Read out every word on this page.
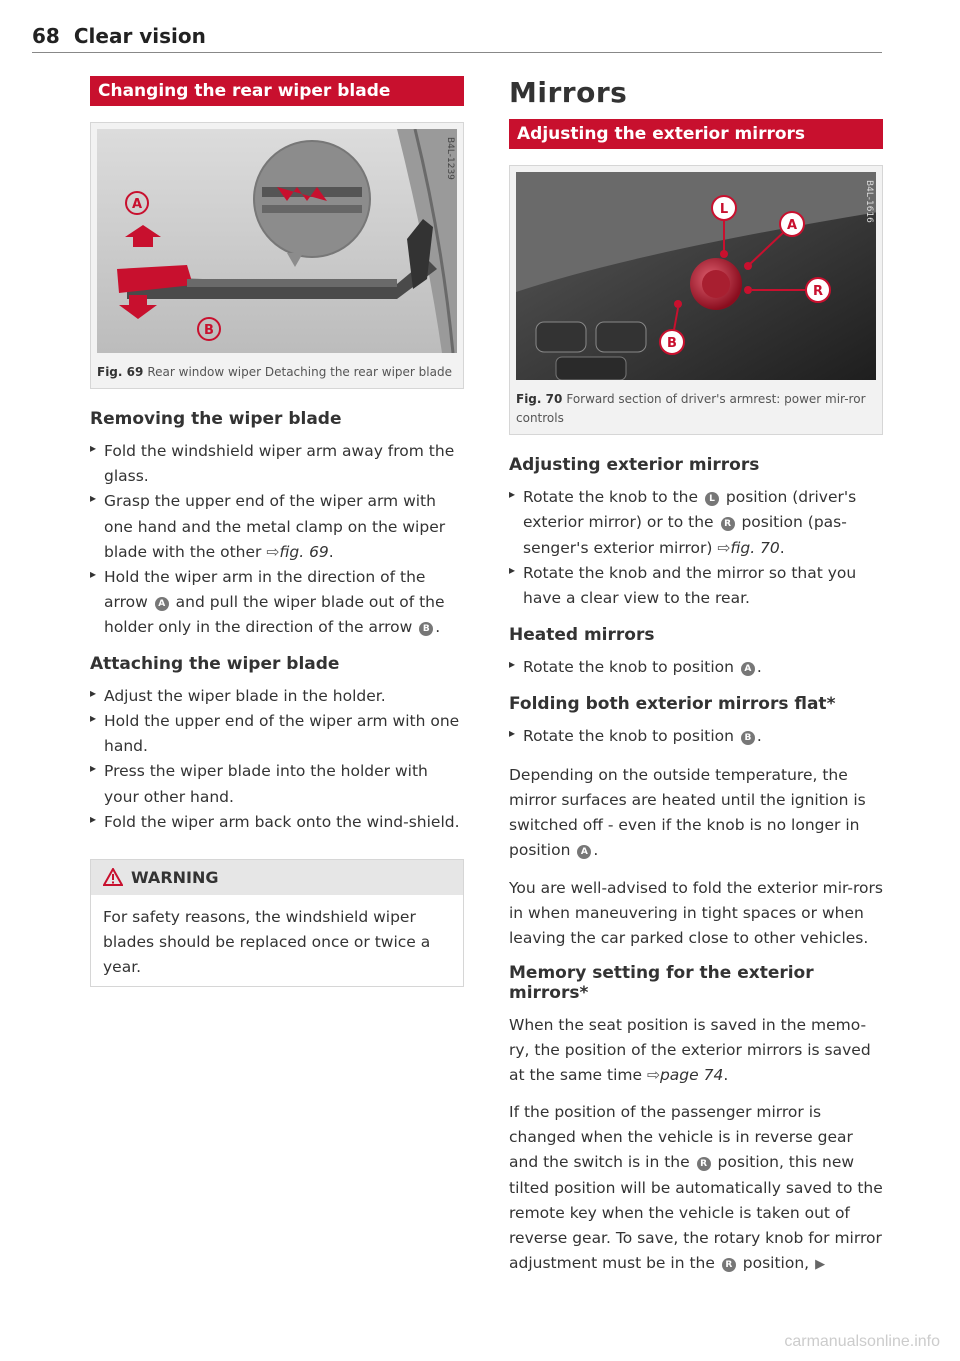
68 Clear vision
Changing the rear wiper blade
A
B
B4L-1239
Fig. 69 Rear window wiper Detaching the rear wiper blade
Removing the wiper blade
▸ Fold the windshield wiper arm away from the glass.
▸ Grasp the upper end of the wiper arm with one hand and the metal clamp on the wiper blade with the other ⇨fig. 69.
▸ Hold the wiper arm in the direction of the arrow A and pull the wiper blade out of the holder only in the direction of the arrow B .
Attaching the wiper blade
▸ Adjust the wiper blade in the holder.
▸ Hold the upper end of the wiper arm with one hand.
▸ Press the wiper blade into the holder with your other hand.
▸ Fold the wiper arm back onto the wind-shield.
WARNING
For safety reasons, the windshield wiper blades should be replaced once or twice a year.
Mirrors
Adjusting the exterior mirrors
L
A
R
B
B4L-1616
Fig. 70 Forward section of driver's armrest: power mir-ror controls
Adjusting exterior mirrors
▸ Rotate the knob to the L position (driver's exterior mirror) or to the R position (pas-senger's exterior mirror) ⇨fig. 70.
▸ Rotate the knob and the mirror so that you have a clear view to the rear.
Heated mirrors
▸ Rotate the knob to position A .
Folding both exterior mirrors flat*
▸ Rotate the knob to position B .

Depending on the outside temperature, the mirror surfaces are heated until the ignition is switched off - even if the knob is no longer in position A .

You are well-advised to fold the exterior mir-rors in when maneuvering in tight spaces or when leaving the car parked close to other vehicles.

Memory setting for the exterior mirrors*

When the seat position is saved in the memo-ry, the position of the exterior mirrors is saved at the same time ⇨page 74.

If the position of the passenger mirror is changed when the vehicle is in reverse gear and the switch is in the R position, this new tilted position will be automatically saved to the remote key when the vehicle is taken out of reverse gear. To save, the rotary knob for mirror adjustment must be in the R position, ▶

carmanualsonline.info
